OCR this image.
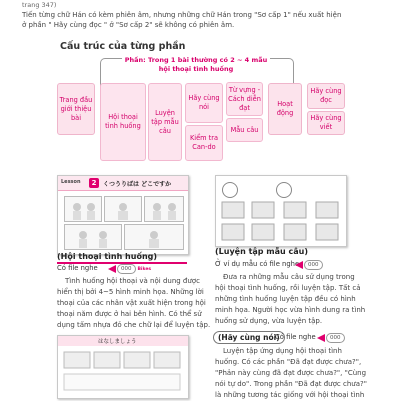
trang 347)
Tiến từng chữ Hán có kèm phiên âm, nhưng những chữ Hán trong "Sơ cấp 1" nếu xuất hiện
ở phần " Hãy cùng đọc " ở "Sơ cấp 2" sẽ không có phiên âm.
Cấu trúc của từng phần
Phần: Trong 1 bài thường có 2 ~ 4 mẫu
hội thoại tình huống
Trang đầu giới thiệu bài	Hội thoại tình huống
Luyện tập mẫu câu
Hãy cùng nói
Kiểm tra Can-do
Từ vựng - Cách diễn đạt
Mẫu câu
Hoạt động
Hãy cùng đọc
Hãy cùng viết
Lesson	2	くつうりばは どこですか
(Hội thoại tình huống)
Có file nghe	000	Bikes
Tình huống hội thoại và nội dung được
hiển thị bởi 4~5 hình minh họa. Những lời
thoại của các nhân vật xuất hiện trong hội
thoại năm được ở hai bên hình. Có thể sử
dụng tấm nhựa đỏ che chữ lại để luyện tập.
はなしましょう
(Luyện tập mẫu câu)
Ở ví dụ mẫu có file nghe	000
Đưa ra những mẫu câu sử dụng trong
hội thoại tình huống, rồi luyện tập. Tất cả
những tình huống luyện tập đều có hình
minh họa. Người học vừa hình dung ra tình
huống sử dụng, vừa luyện tập.
(Hãy cùng nói)
Có file nghe	000
Luyện tập ứng dụng hội thoại tình
huống. Có các phần "Đã đạt được chưa?",
"Phản này cùng đã đạt được chưa?", "Cùng
nói tự do". Trong phần "Đã đạt được chưa?"
là những tương tác giống với hội thoại tình
